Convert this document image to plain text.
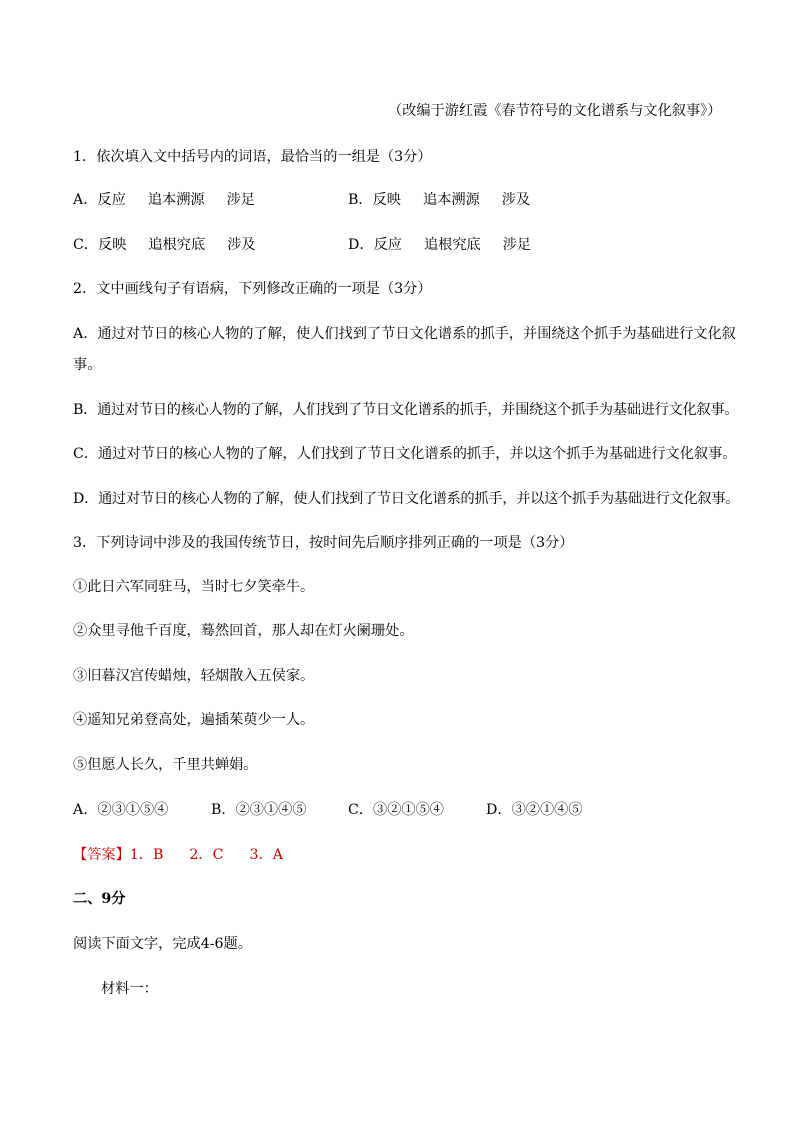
（改编于游红霞《春节符号的文化谱系与文化叙事》）
1．依次填入文中括号内的词语，最恰当的一组是（3分）
A．反应 追本溯源 涉足	B．反映 追本溯源 涉及
C．反映 追根究底 涉及	D．反应 追根究底 涉足
2．文中画线句子有语病，下列修改正确的一项是（3分）
A．通过对节日的核心人物的了解，使人们找到了节日文化谱系的抓手，并围绕这个抓手为基础进行文化叙
事。
B．通过对节日的核心人物的了解，人们找到了节日文化谱系的抓手，并围绕这个抓手为基础进行文化叙事。
C．通过对节日的核心人物的了解，人们找到了节日文化谱系的抓手，并以这个抓手为基础进行文化叙事。
D．通过对节日的核心人物的了解，使人们找到了节日文化谱系的抓手，并以这个抓手为基础进行文化叙事。
3．下列诗词中涉及的我国传统节日，按时间先后顺序排列正确的一项是（3分）
①此日六军同驻马，当时七夕笑牵牛。
②众里寻他千百度，蓦然回首，那人却在灯火阑珊处。
③旧暮汉宫传蜡烛，轻烟散入五侯家。
④遥知兄弟登高处，遍插茱萸少一人。
⑤但愿人长久，千里共蝉娟。
A．②③①⑤④	B．②③①④⑤	C．③②①⑤④	D．③②①④⑤
【答案】1．B 2．C 3．A
二、9分
阅读下面文字，完成4-6题。
材料一：
